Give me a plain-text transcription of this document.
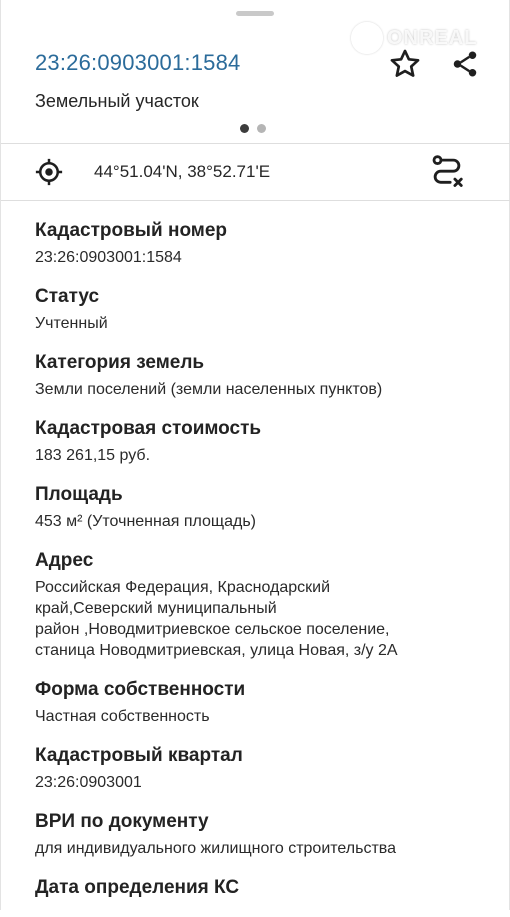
ONREAL
23:26:0903001:1584
Земельный участок
44°51.04'N, 38°52.71'E
Кадастровый номер
23:26:0903001:1584
Статус
Учтенный
Категория земель
Земли поселений (земли населенных пунктов)
Кадастровая стоимость
183 261,15 руб.
Площадь
453 м² (Уточненная площадь)
Адрес
Российская Федерация, Краснодарский
край,Северский муниципальный
район ,Новодмитриевское сельское поселение,
станица Новодмитриевская, улица Новая, з/у 2А
Форма собственности
Частная собственность
Кадастровый квартал
23:26:0903001
ВРИ по документу
для индивидуального жилищного строительства
Дата определения КС
